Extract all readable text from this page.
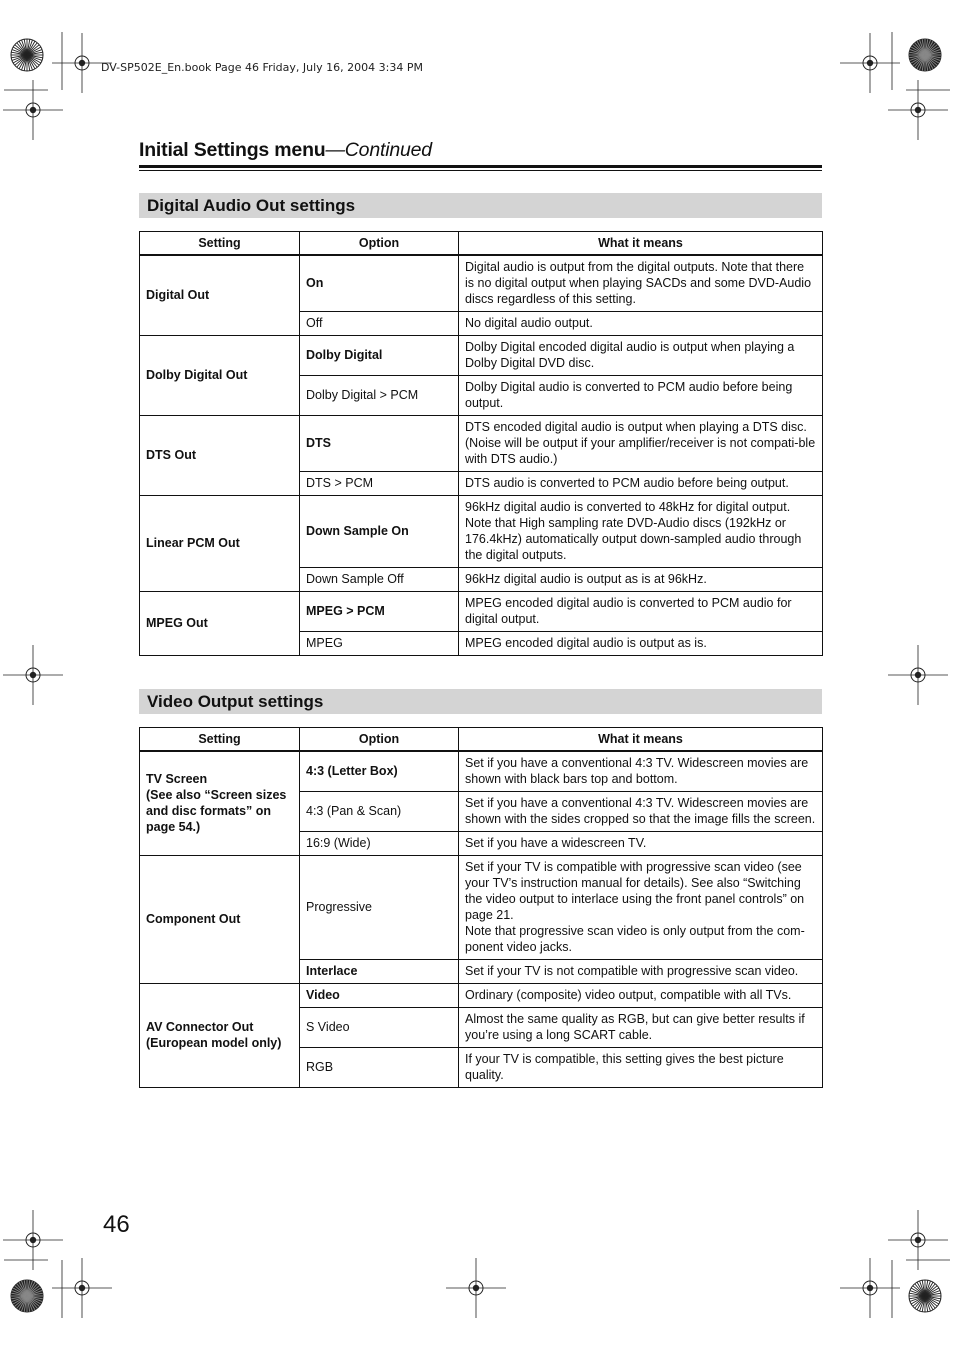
DV-SP502E_En.book Page 46 Friday, July 16, 2004 3:34 PM
Initial Settings menu—Continued
Digital Audio Out settings
Setting	Option	What it means
Digital Out	On	Digital audio is output from the digital outputs. Note that there is no digital output when playing SACDs and some DVD-Audio discs regardless of this setting.
	Off	No digital audio output.
Dolby Digital Out	Dolby Digital	Dolby Digital encoded digital audio is output when playing a Dolby Digital DVD disc.
	Dolby Digital > PCM	Dolby Digital audio is converted to PCM audio before being output.
DTS Out	DTS	DTS encoded digital audio is output when playing a DTS disc. (Noise will be output if your amplifier/receiver is not compati-ble with DTS audio.)
	DTS > PCM	DTS audio is converted to PCM audio before being output.
Linear PCM Out	Down Sample On	96kHz digital audio is converted to 48kHz for digital output. Note that High sampling rate DVD-Audio discs (192kHz or 176.4kHz) automatically output down-sampled audio through the digital outputs.
	Down Sample Off	96kHz digital audio is output as is at 96kHz.
MPEG Out	MPEG > PCM	MPEG encoded digital audio is converted to PCM audio for digital output.
	MPEG	MPEG encoded digital audio is output as is.
Video Output settings
Setting	Option	What it means
TV Screen
(See also “Screen sizes and disc formats” on page 54.)	4:3 (Letter Box)	Set if you have a conventional 4:3 TV. Widescreen movies are shown with black bars top and bottom.
	4:3 (Pan & Scan)	Set if you have a conventional 4:3 TV. Widescreen movies are shown with the sides cropped so that the image fills the screen.
	16:9 (Wide)	Set if you have a widescreen TV.
Component Out	Progressive	Set if your TV is compatible with progressive scan video (see your TV’s instruction manual for details). See also “Switching the video output to interlace using the front panel controls” on page 21.
Note that progressive scan video is only output from the com-ponent video jacks.
	Interlace	Set if your TV is not compatible with progressive scan video.
AV Connector Out
(European model only)	Video	Ordinary (composite) video output, compatible with all TVs.
	S Video	Almost the same quality as RGB, but can give better results if you’re using a long SCART cable.
	RGB	If your TV is compatible, this setting gives the best picture quality.
46
